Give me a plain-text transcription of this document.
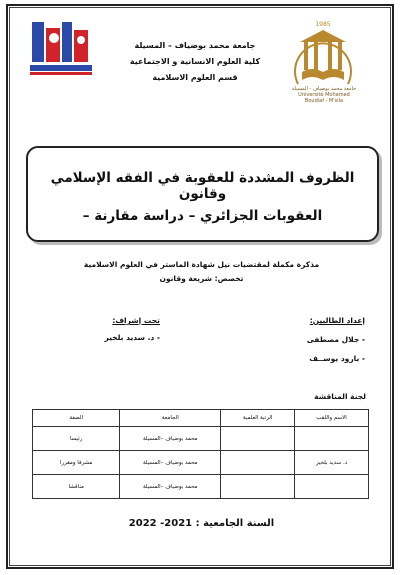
1985
جامعة محمد بوضياف - المسيلة
Université Mohamed Boudiaf - M'sila
جامعة محمد بوضياف – المسيلة
كلية العلوم الانسانية و الاجتماعية
قسم العلوم الاسلامية
الظروف المشددة للعقوبة في الفقه الإسلامي وقانون
العقوبات الجزائري – دراسة مقارنة –
مذكرة مكملة لمقتضيات نيل شهادة الماستر في العلوم الاسلامية
تخصص: شريعة وقانون
إعداد الطالبين:
- جلال مصطفى
- بارود يوســف
تحت إشراف:
- د. سديد بلخير
لجنة المناقشة
الاسم واللقب	الرتبة العلمية	الجامعة	الصفة
		محمد بوضياف –المسيلة	رئيسا
د. سديد بلخير		محمد بوضياف –المسيلة	مشرفا ومقررا
		محمد بوضياف –المسيلة	مناقشا
السنة الجامعية : 2021- 2022
